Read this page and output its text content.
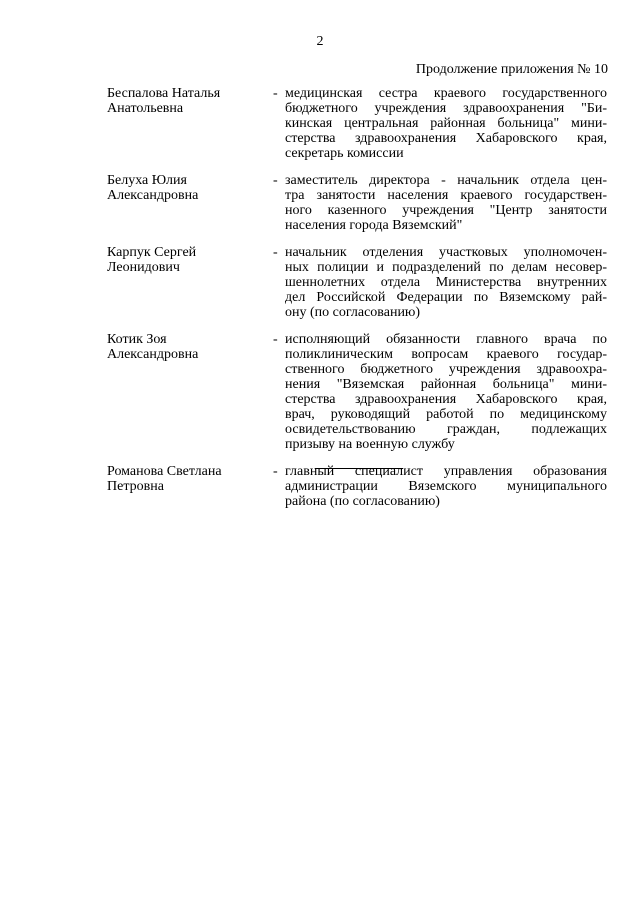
2
Продолжение приложения № 10
Беспалова Наталья
Анатольевна
- медицинская сестра краевого государственного
бюджетного учреждения здравоохранения "Би-
кинская центральная районная больница" мини-
стерства здравоохранения Хабаровского края,
секретарь комиссии
Белуха Юлия
Александровна
- заместитель директора - начальник отдела цен-
тра занятости населения краевого государствен-
ного казенного учреждения "Центр занятости
населения города Вяземский"
Карпук Сергей
Леонидович
- начальник отделения участковых уполномочен-
ных полиции и подразделений по делам несовер-
шеннолетних отдела Министерства внутренних
дел Российской Федерации по Вяземскому рай-
ону (по согласованию)
Котик Зоя
Александровна
- исполняющий обязанности главного врача по
поликлиническим вопросам краевого государ-
ственного бюджетного учреждения здравоохра-
нения "Вяземская районная больница" мини-
стерства здравоохранения Хабаровского края,
врач, руководящий работой по медицинскому
освидетельствованию граждан, подлежащих
призыву на военную службу
Романова Светлана
Петровна
- главный специалист управления образования
администрации Вяземского муниципального
района (по согласованию)
